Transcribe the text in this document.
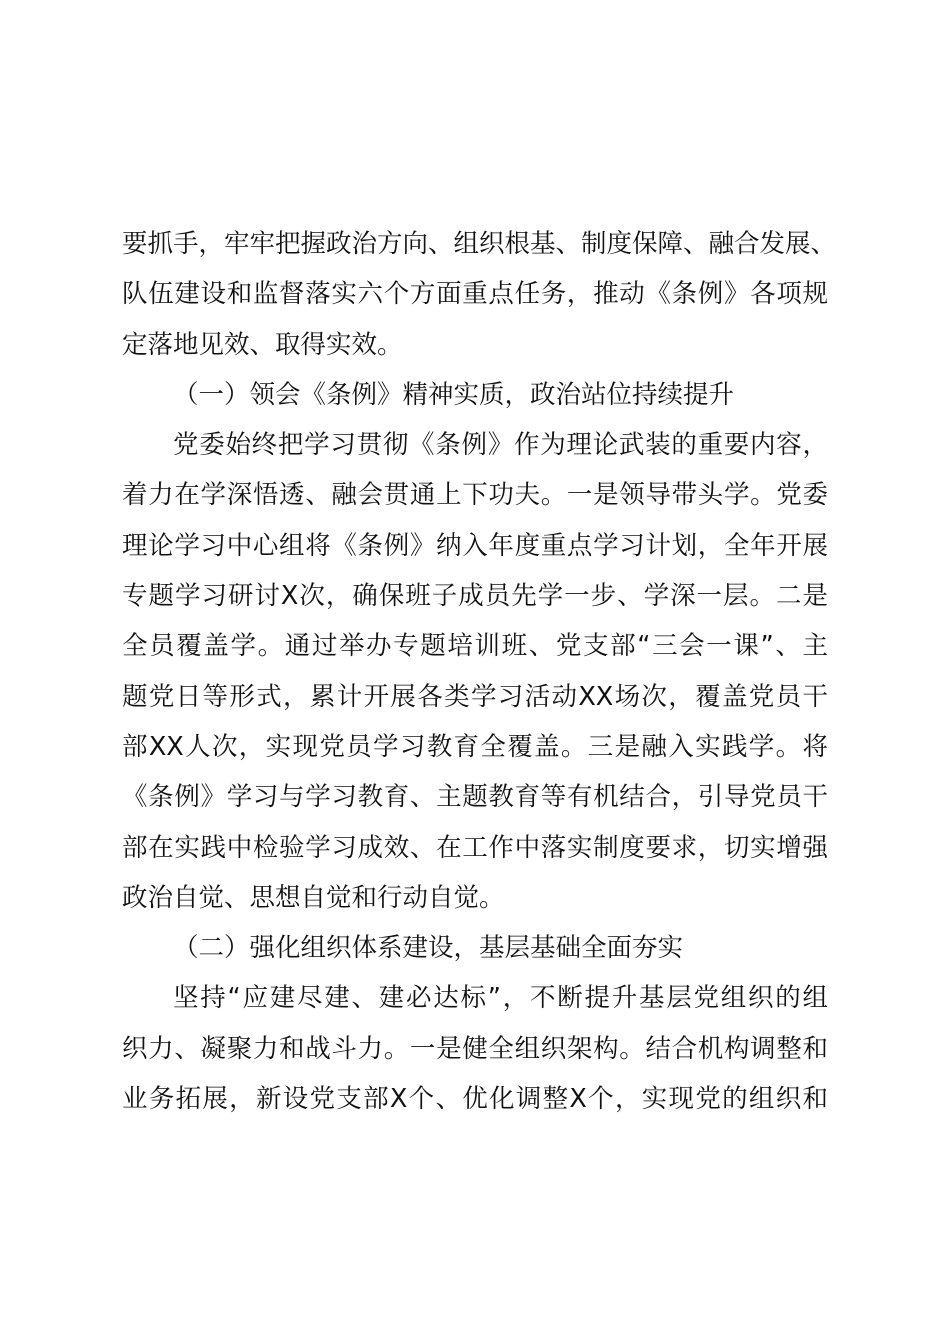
要抓手，牢牢把握政治方向、组织根基、制度保障、融合发展、
队伍建设和监督落实六个方面重点任务，推动《条例》各项规
定落地见效、取得实效。
（一）领会《条例》精神实质，政治站位持续提升
党委始终把学习贯彻《条例》作为理论武装的重要内容，
着力在学深悟透、融会贯通上下功夫。一是领导带头学。党委
理论学习中心组将《条例》纳入年度重点学习计划，全年开展
专题学习研讨X次，确保班子成员先学一步、学深一层。二是
全员覆盖学。通过举办专题培训班、党支部“三会一课”、主
题党日等形式，累计开展各类学习活动XX场次，覆盖党员干
部XX人次，实现党员学习教育全覆盖。三是融入实践学。将
《条例》学习与学习教育、主题教育等有机结合，引导党员干
部在实践中检验学习成效、在工作中落实制度要求，切实增强
政治自觉、思想自觉和行动自觉。
（二）强化组织体系建设，基层基础全面夯实
坚持“应建尽建、建必达标”，不断提升基层党组织的组
织力、凝聚力和战斗力。一是健全组织架构。结合机构调整和
业务拓展，新设党支部X个、优化调整X个，实现党的组织和
